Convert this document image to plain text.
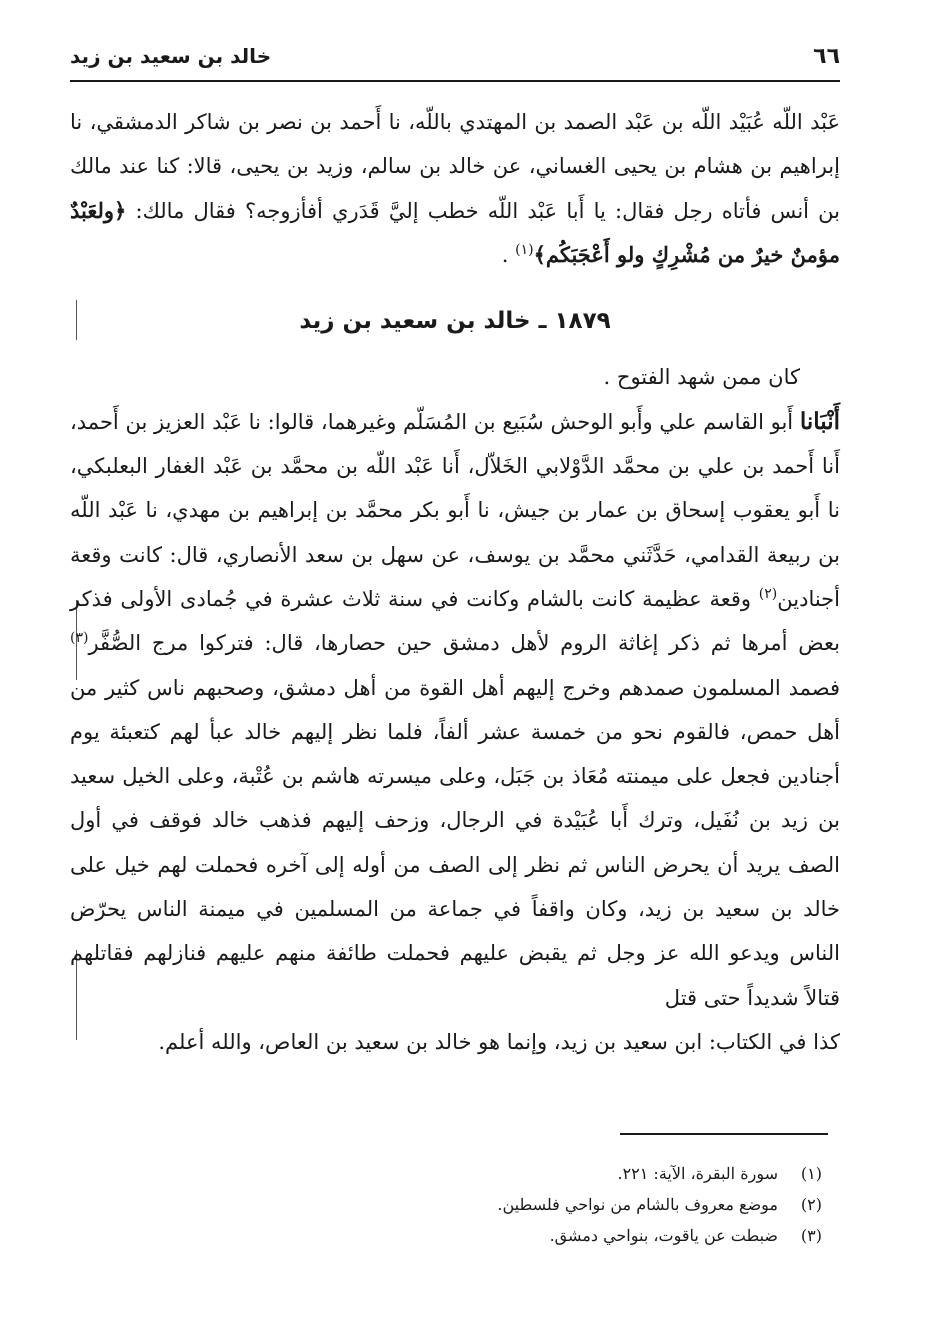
٦٦
خالد بن سعيد بن زيد

عَبْد اللّه عُبَيْد اللّه بن عَبْد الصمد بن المهتدي باللّه، نا أَحمد بن نصر بن شاكر الدمشقي، نا إبراهيم بن هشام بن يحيى الغساني، عن خالد بن سالم، وزيد بن يحيى، قالا: كنا عند مالك بن أنس فأتاه رجل فقال: يا أَبا عَبْد اللّه خطب إليَّ قَدَري أفأزوجه؟ فقال مالك: ﴿ولعَبْدٌ مؤمنٌ خيرٌ من مُشْرِكٍ ولو أَعْجَبَكُم﴾$^{(١)}$ .

١٨٧٩ ـ خالد بن سعيد بن زيد

كان ممن شهد الفتوح .

أَنْبَانا أَبو القاسم علي وأَبو الوحش سُبَيع بن المُسَلّم وغيرهما، قالوا: نا عَبْد العزيز بن أَحمد، أَنا أَحمد بن علي بن محمَّد الدَّوْلابي الخَلاّل، أَنا عَبْد اللّه بن محمَّد بن عَبْد الغفار البعلبكي، نا أَبو يعقوب إسحاق بن عمار بن جيش، نا أَبو بكر محمَّد بن إبراهيم بن مهدي، نا عَبْد اللّه بن ربيعة القدامي، حَدَّثَني محمَّد بن يوسف، عن سهل بن سعد الأنصاري، قال: كانت وقعة أجنادين$^{(٢)}$ وقعة عظيمة كانت بالشام وكانت في سنة ثلاث عشرة في جُمادى الأولى فذكر بعض أمرها ثم ذكر إغاثة الروم لأهل دمشق حين حصارها، قال: فتركوا مرج الصُّفَّر$^{(٣)}$ فصمد المسلمون صمدهم وخرج إليهم أهل القوة من أهل دمشق، وصحبهم ناس كثير من أهل حمص، فالقوم نحو من خمسة عشر ألفاً، فلما نظر إليهم خالد عبأ لهم كتعبئة يوم أجنادين فجعل على ميمنته مُعَاذ بن جَبَل، وعلى ميسرته هاشم بن عُتْبة، وعلى الخيل سعيد بن زيد بن نُفَيل، وترك أَبا عُبَيْدة في الرجال، وزحف إليهم فذهب خالد فوقف في أول الصف يريد أن يحرض الناس ثم نظر إلى الصف من أوله إلى آخره فحملت لهم خيل على خالد بن سعيد بن زيد، وكان واقفاً في جماعة من المسلمين في ميمنة الناس يحرّض الناس ويدعو الله عز وجل ثم يقبض عليهم فحملت طائفة منهم عليهم فنازلهم فقاتلهم قتالاً شديداً حتى قتل

كذا في الكتاب: ابن سعيد بن زيد، وإنما هو خالد بن سعيد بن العاص، والله أعلم.

(١)سورة البقرة، الآية: ٢٢١.
(٢)موضع معروف بالشام من نواحي فلسطين.
(٣)ضبطت عن ياقوت، بنواحي دمشق.
